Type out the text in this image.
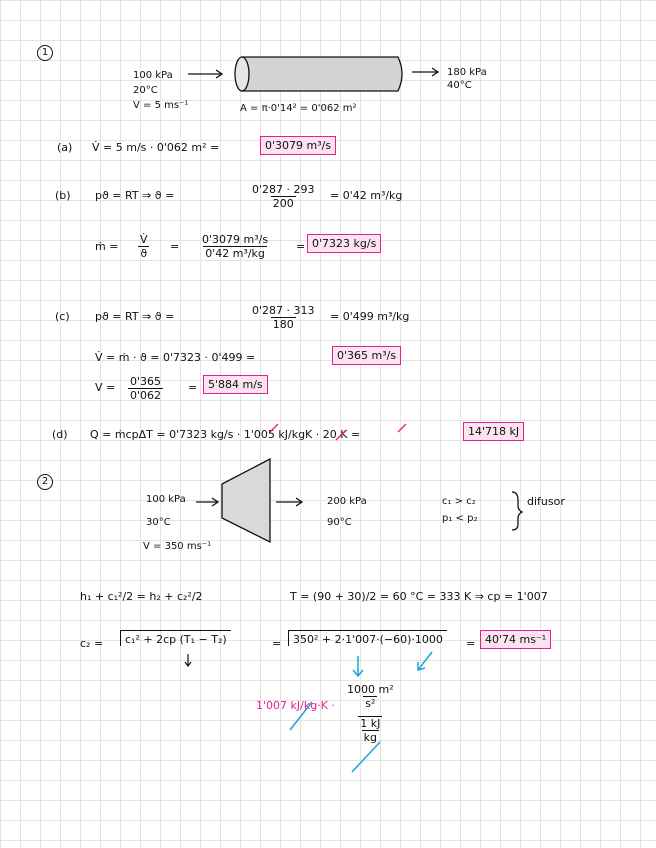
1
100 kPa
20°C
V = 5 ms⁻¹
180 kPa
40°C
A = π·0'14² = 0'062 m²
(a) V̇ = 5 m/s · 0'062 m² =	0'3079 m³/s
(b) pϑ = RT ⇒ ϑ =	$\frac{0'287 \cdot 293}{200} = 0'42$ m³/kg
ṁ = $\frac{V̇}{ϑ} = \frac{\text{0'3079 m³/s}}{\text{0'42 m³/kg}} = 0'7323$ kg/s
(c) pϑ = RT ⇒ ϑ =	$\frac{0'287 \cdot 313}{180} = 0'499$ m³/kg
V̇ = ṁ · ϑ = 0'7323 · 0'499 =	0'365 m³/s
$V = \frac{0'365}{0'062} = 5'884$ m/s
(d) Q = ṁcpΔT = 0'7323 kg/s · 1'005 kJ/kgK · 20 K =	14'718 kJ
2
100 kPa
30°C
V = 350 ms⁻¹
200 kPa
90°C
c₁ > c₂
p₁ < p₂
difusor
h₁ + c₁²/2 = h₂ + c₂²/2	T = (90 + 30)/2 = 60 °C = 333 K ⇒ cp = 1'007
c₂ =	c₁² + 2cp (T₁ − T₂)	=	350² + 2·1'007·(−60)·1000	= 40'74 ms⁻¹
1'007 kJ/kg·K ·
1000 m²
s²
1 kJ
kg
